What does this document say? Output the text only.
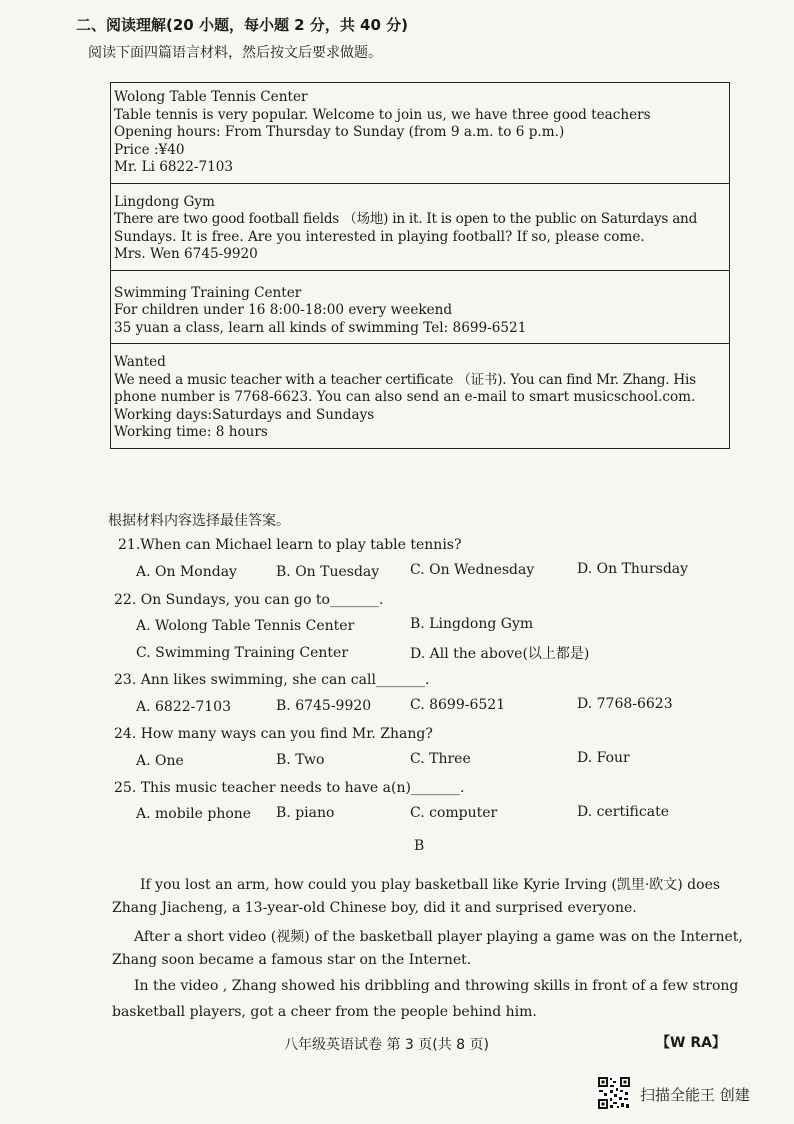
二、阅读理解(20 小题，每小题 2 分，共 40 分)
阅读下面四篇语言材料，然后按文后要求做题。
Wolong Table Tennis Center
Table tennis is very popular. Welcome to join us, we have three good teachers
Opening hours: From Thursday to Sunday (from 9 a.m. to 6 p.m.)
Price :¥40
Mr. Li 6822-7103
Lingdong Gym
There are two good football fields （场地) in it. It is open to the public on Saturdays and
Sundays. It is free. Are you interested in playing football? If so, please come.
Mrs. Wen 6745-9920
Swimming Training Center
For children under 16 8:00-18:00 every weekend
35 yuan a class, learn all kinds of swimming Tel: 8699-6521
Wanted
We need a music teacher with a teacher certificate （证书). You can find Mr. Zhang. His
phone number is 7768-6623. You can also send an e-mail to smart musicschool.com.
Working days:Saturdays and Sundays
Working time: 8 hours
根据材料内容选择最佳答案。
21.When can Michael learn to play table tennis?
A. On Monday	B. On Tuesday C. On Wednesday	D. On Thursday
22. On Sundays, you can go to_______.
A. Wolong Table Tennis Center	B. Lingdong Gym
C. Swimming Training Center	D. All the above(以上都是)
23. Ann likes swimming, she can call_______.
A. 6822-7103	B. 6745-9920	C. 8699-6521	D. 7768-6623
24. How many ways can you find Mr. Zhang?
A. One	B. Two	C. Three	D. Four
25. This music teacher needs to have a(n)_______.
A. mobile phone B. piano	C. computer	D. certificate
B
If you lost an arm, how could you play basketball like Kyrie Irving (凯里·欧文) does
Zhang Jiacheng, a 13-year-old Chinese boy, did it and surprised everyone.
After a short video (视频) of the basketball player playing a game was on the Internet,
Zhang soon became a famous star on the Internet.
In the video , Zhang showed his dribbling and throwing skills in front of a few strong
basketball players, got a cheer from the people behind him.
八年级英语试卷 第 3 页(共 8 页)	【W RA】
扫描全能王 创建
